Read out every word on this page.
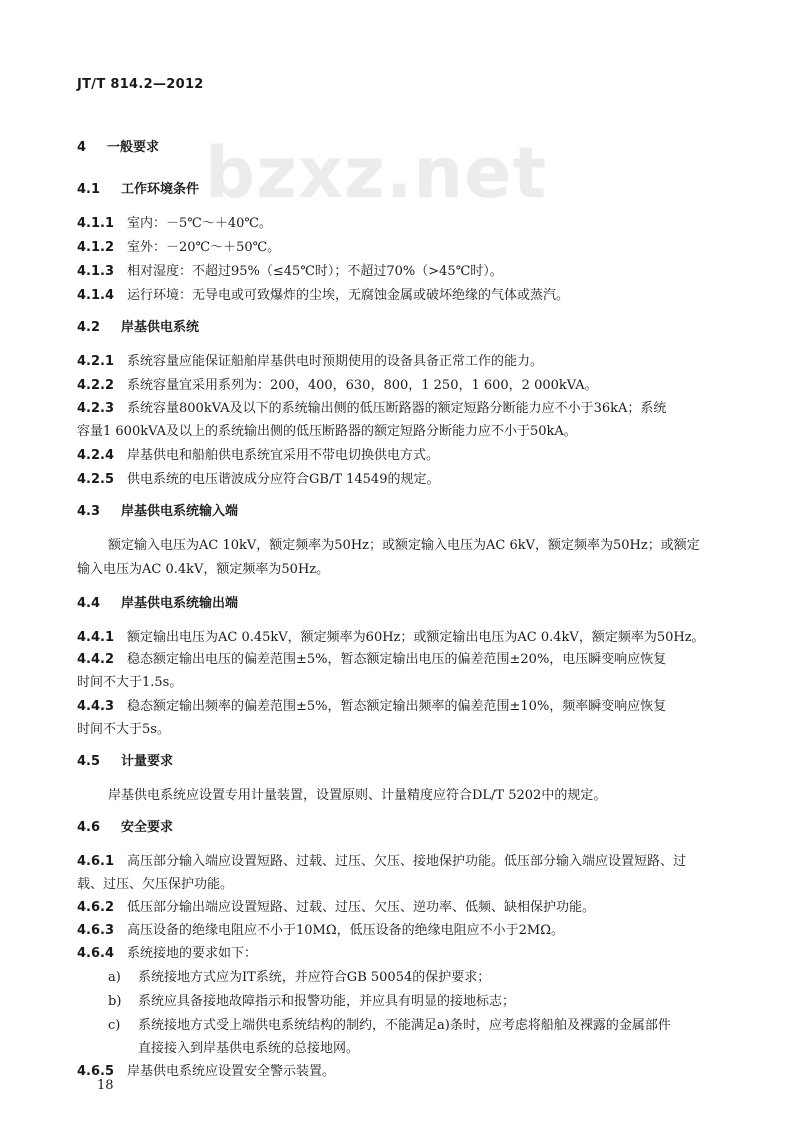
bzxz.net
JT/T 814.2—2012
4 一般要求
4.1 工作环境条件
4.1.1 室内：－5℃～＋40℃。
4.1.2 室外：－20℃～＋50℃。
4.1.3 相对湿度：不超过95%（≤45℃时）；不超过70%（>45℃时）。
4.1.4 运行环境：无导电或可致爆炸的尘埃，无腐蚀金属或破坏绝缘的气体或蒸汽。
4.2 岸基供电系统
4.2.1 系统容量应能保证船舶岸基供电时预期使用的设备具备正常工作的能力。
4.2.2 系统容量宜采用系列为：200，400，630，800，1 250，1 600，2 000kVA。
4.2.3 系统容量800kVA及以下的系统输出侧的低压断路器的额定短路分断能力应不小于36kA；系统
容量1 600kVA及以上的系统输出侧的低压断路器的额定短路分断能力应不小于50kA。
4.2.4 岸基供电和船舶供电系统宜采用不带电切换供电方式。
4.2.5 供电系统的电压谐波成分应符合GB/T 14549的规定。
4.3 岸基供电系统输入端
额定输入电压为AC 10kV，额定频率为50Hz；或额定输入电压为AC 6kV，额定频率为50Hz；或额定
输入电压为AC 0.4kV，额定频率为50Hz。
4.4 岸基供电系统输出端
4.4.1 额定输出电压为AC 0.45kV，额定频率为60Hz；或额定输出电压为AC 0.4kV，额定频率为50Hz。
4.4.2 稳态额定输出电压的偏差范围±5%，暂态额定输出电压的偏差范围±20%，电压瞬变响应恢复
时间不大于1.5s。
4.4.3 稳态额定输出频率的偏差范围±5%，暂态额定输出频率的偏差范围±10%，频率瞬变响应恢复
时间不大于5s。
4.5 计量要求
岸基供电系统应设置专用计量装置，设置原则、计量精度应符合DL/T 5202中的规定。
4.6 安全要求
4.6.1 高压部分输入端应设置短路、过载、过压、欠压、接地保护功能。低压部分输入端应设置短路、过
载、过压、欠压保护功能。
4.6.2 低压部分输出端应设置短路、过载、过压、欠压、逆功率、低频、缺相保护功能。
4.6.3 高压设备的绝缘电阻应不小于10MΩ，低压设备的绝缘电阻应不小于2MΩ。
4.6.4 系统接地的要求如下：
a) 系统接地方式应为IT系统，并应符合GB 50054的保护要求；
b) 系统应具备接地故障指示和报警功能，并应具有明显的接地标志；
c) 系统接地方式受上端供电系统结构的制约，不能满足a)条时，应考虑将船舶及裸露的金属部件
直接接入到岸基供电系统的总接地网。
4.6.5 岸基供电系统应设置安全警示装置。
18
